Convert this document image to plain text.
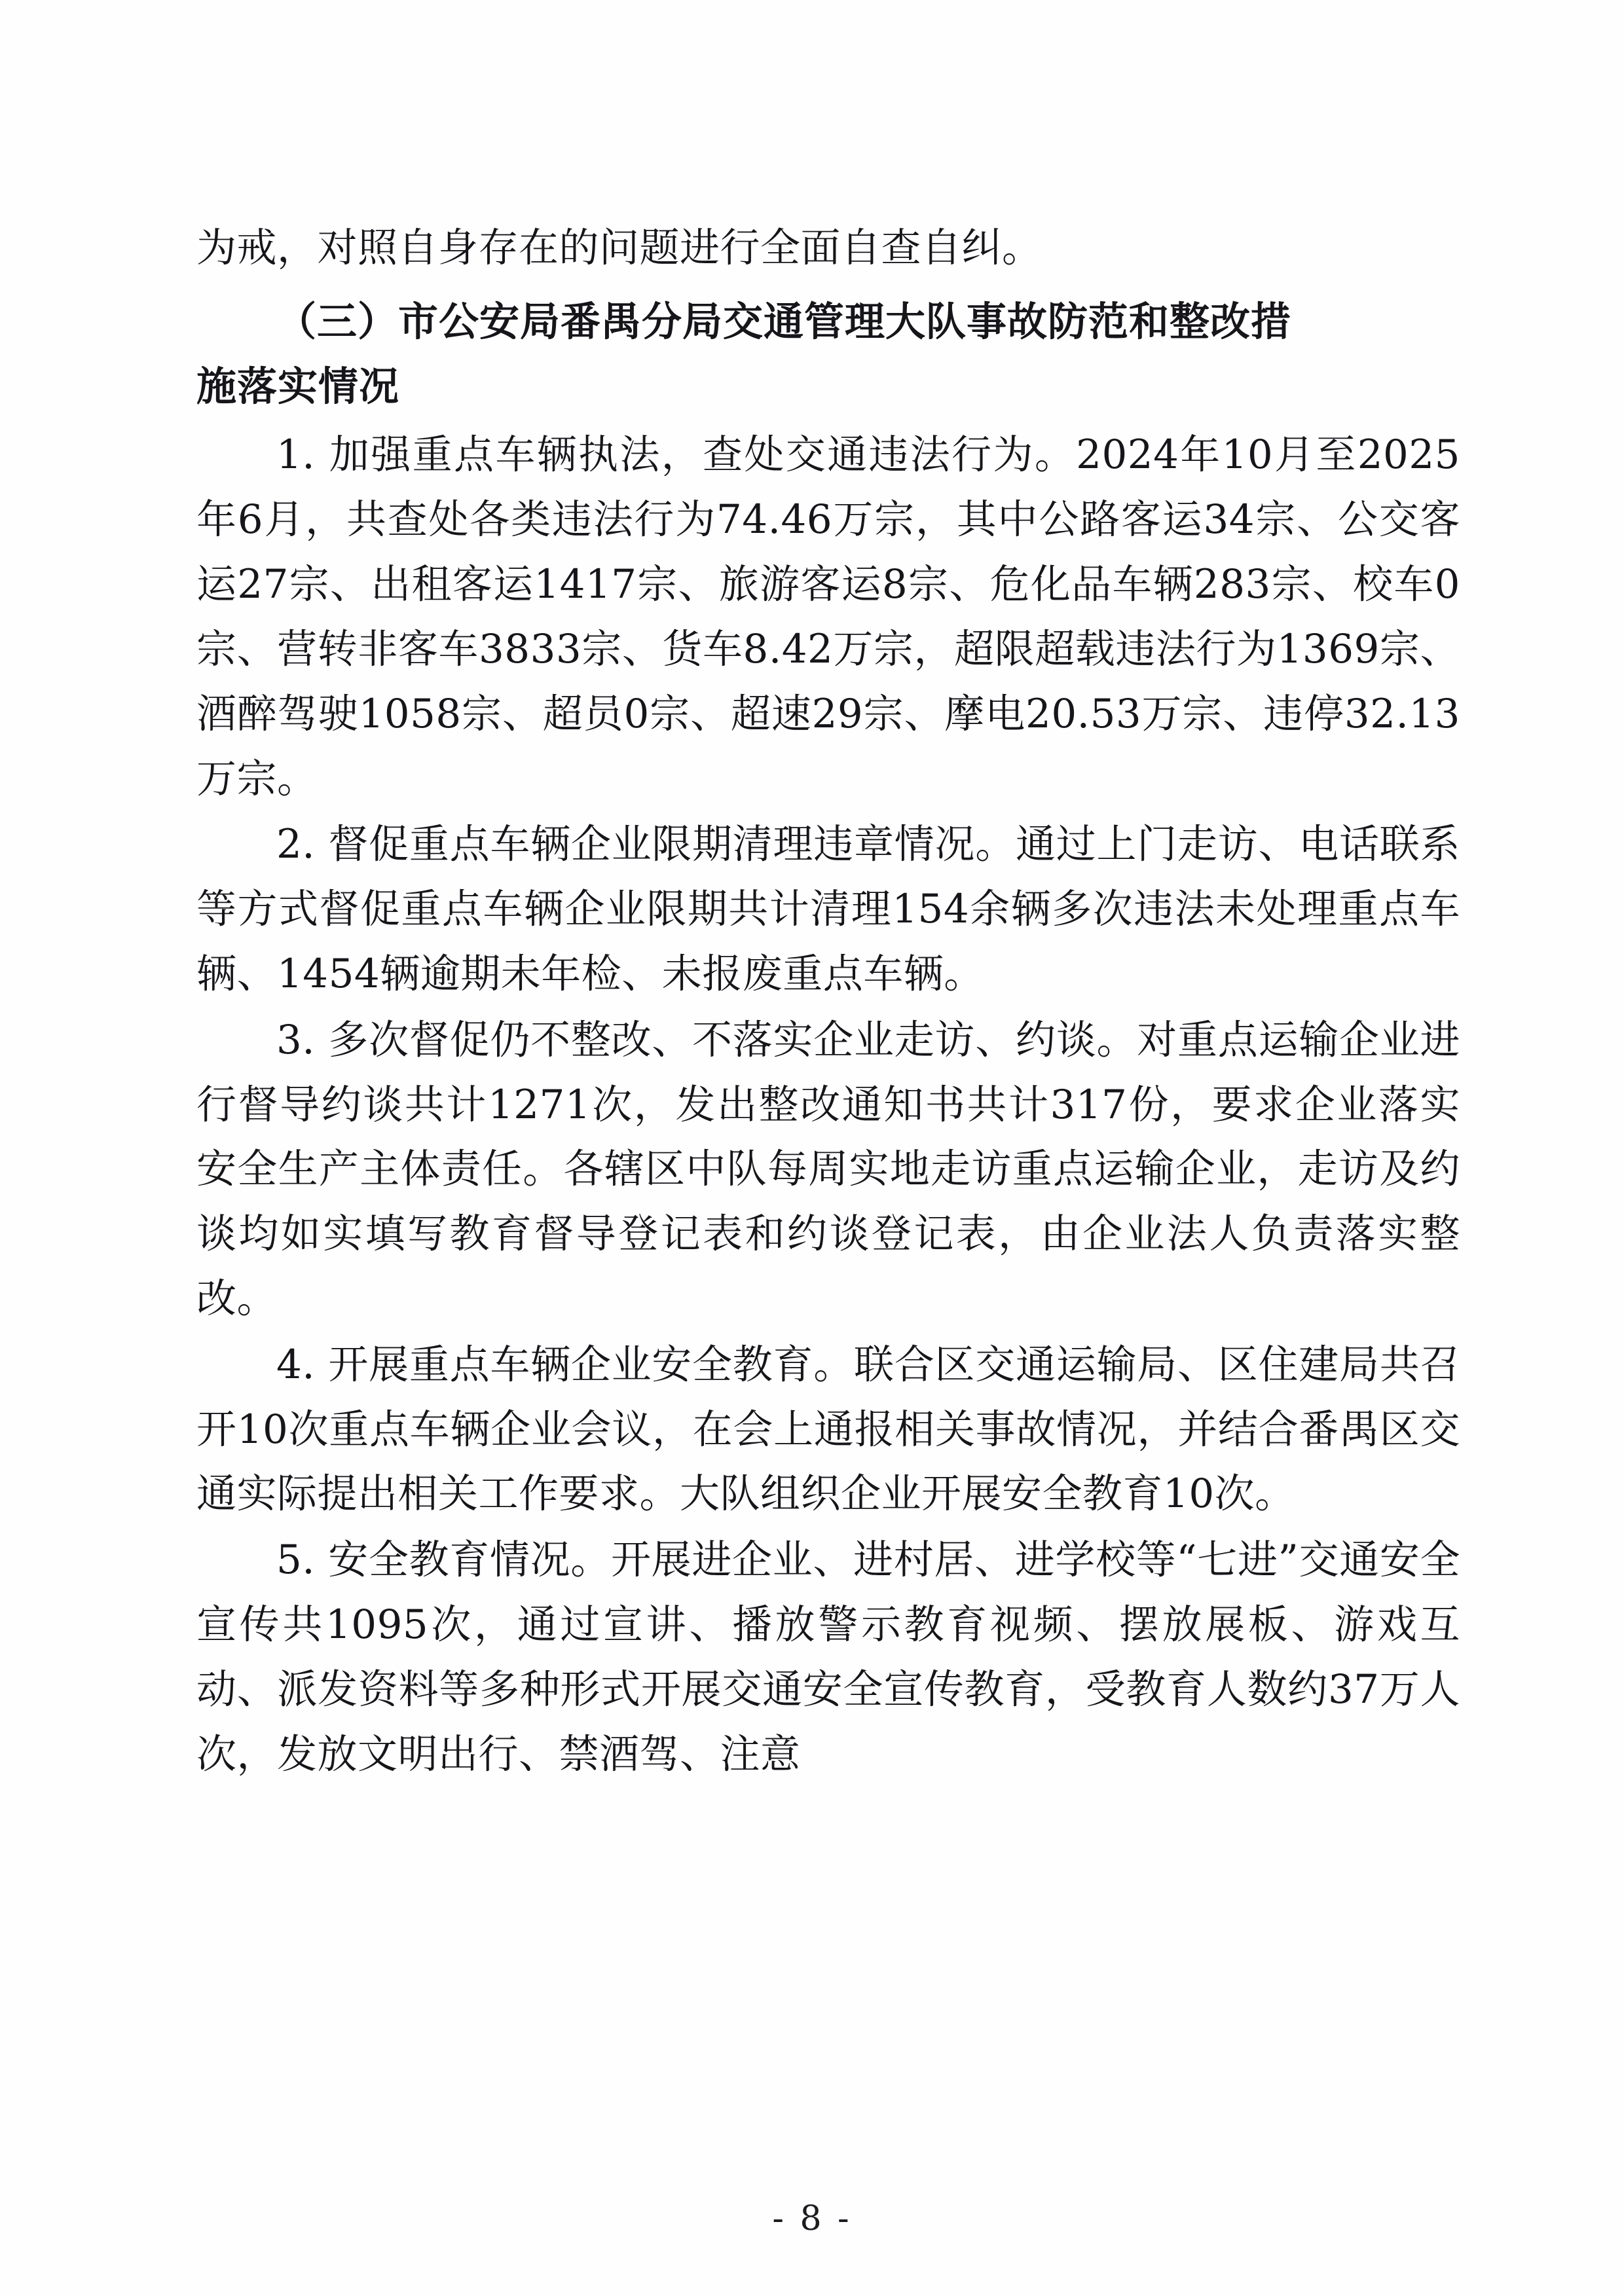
为戒，对照自身存在的问题进行全面自查自纠。

（三）市公安局番禺分局交通管理大队事故防范和整改措
施落实情况

1. 加强重点车辆执法，查处交通违法行为。2024年10月至2025年6月，共查处各类违法行为74.46万宗，其中公路客运34宗、公交客运27宗、出租客运1417宗、旅游客运8宗、危化品车辆283宗、校车0宗、营转非客车3833宗、货车8.42万宗，超限超载违法行为1369宗、酒醉驾驶1058宗、超员0宗、超速29宗、摩电20.53万宗、违停32.13万宗。

2. 督促重点车辆企业限期清理违章情况。通过上门走访、电话联系等方式督促重点车辆企业限期共计清理154余辆多次违法未处理重点车辆、1454辆逾期未年检、未报废重点车辆。

3. 多次督促仍不整改、不落实企业走访、约谈。对重点运输企业进行督导约谈共计1271次，发出整改通知书共计317份，要求企业落实安全生产主体责任。各辖区中队每周实地走访重点运输企业，走访及约谈均如实填写教育督导登记表和约谈登记表，由企业法人负责落实整改。

4. 开展重点车辆企业安全教育。联合区交通运输局、区住建局共召开10次重点车辆企业会议，在会上通报相关事故情况，并结合番禺区交通实际提出相关工作要求。大队组织企业开展安全教育10次。

5. 安全教育情况。开展进企业、进村居、进学校等“七进”交通安全宣传共1095次，通过宣讲、播放警示教育视频、摆放展板、游戏互动、派发资料等多种形式开展交通安全宣传教育，受教育人数约37万人次，发放文明出行、禁酒驾、注意

- 8 -
